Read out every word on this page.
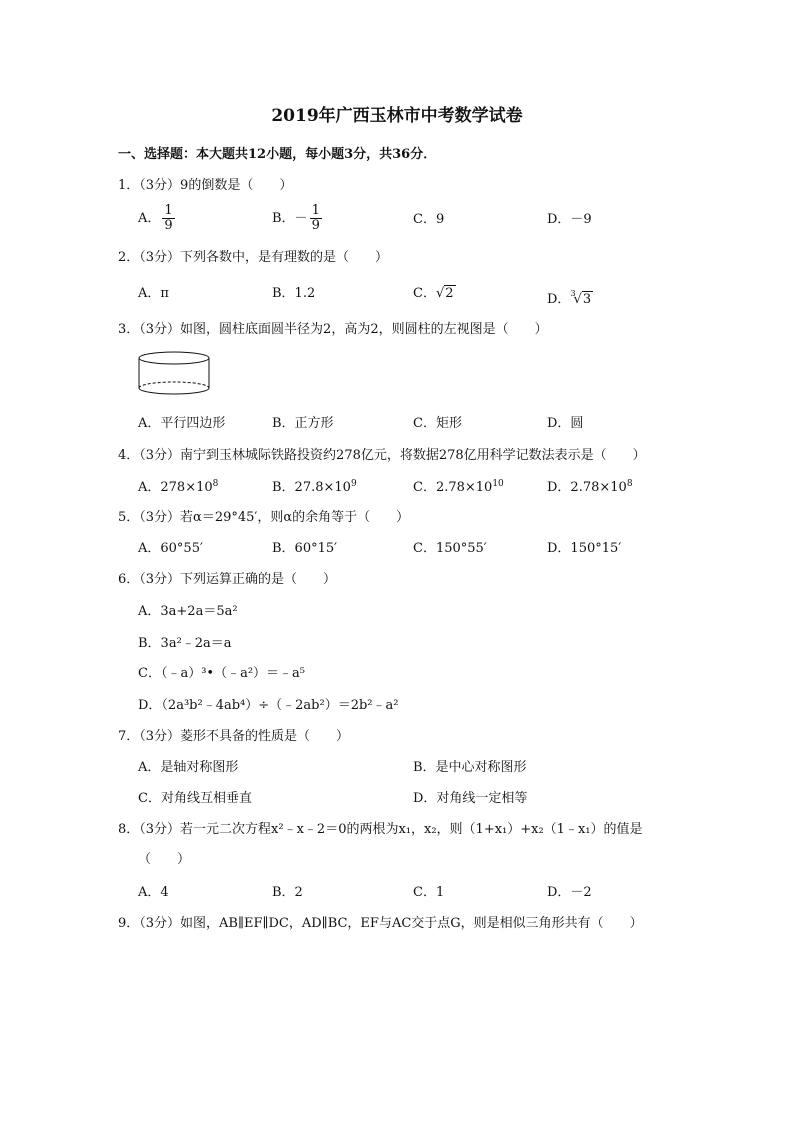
2019年广西玉林市中考数学试卷
一、选择题：本大题共12小题，每小题3分，共36分．
1．（3分）9的倒数是（　　）
A． $\frac{1}{9}$	B．－ $\frac{1}{9}$	C．9	D．－9
2．（3分）下列各数中，是有理数的是（　　）
A．π	B．1.2	C．√2	D．$^3$√3
3．（3分）如图，圆柱底面圆半径为2，高为2，则圆柱的左视图是（　　）
A．平行四边形	B．正方形	C．矩形	D．圆
4．（3分）南宁到玉林城际铁路投资约278亿元，将数据278亿用科学记数法表示是（　　）
A．$278\times 10^8$	B．$27.8\times 10^9$	C．$2.78\times 10^{10}$	D．$2.78\times 10^8$
5．（3分）若α＝29°45′，则α的余角等于（　　）
A．60°55′	B．60°15′	C．150°55′	D．150°15′
6．（3分）下列运算正确的是（　　）
A．3a+2a＝5a²
B．3a²﹣2a＝a
C．（﹣a）³•（﹣a²）＝﹣a⁵
D．（2a³b²﹣4ab⁴）÷（﹣2ab²）＝2b²﹣a²
7．（3分）菱形不具备的性质是（　　）
A．是轴对称图形	B．是中心对称图形
C．对角线互相垂直	D．对角线一定相等
8．（3分）若一元二次方程x²﹣x﹣2＝0的两根为x₁，x₂，则（1+x₁）+x₂（1﹣x₁）的值是
（　　）
A．4	B．2	C．1	D．－2
9．（3分）如图，AB∥EF∥DC，AD∥BC，EF与AC交于点G，则是相似三角形共有（　　）
